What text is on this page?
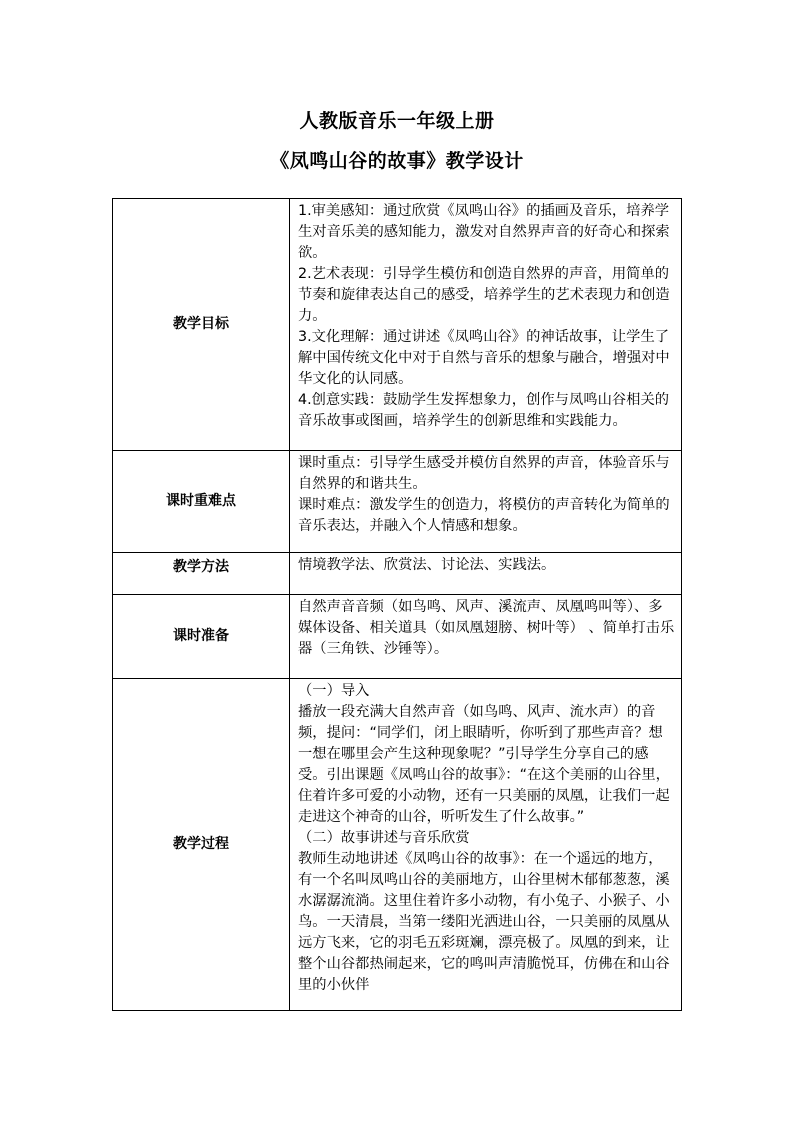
人教版音乐一年级上册
《凤鸣山谷的故事》教学设计
教学目标	1.审美感知：通过欣赏《凤鸣山谷》的插画及音乐，培养学生对音乐美的感知能力，激发对自然界声音的好奇心和探索欲。

2.艺术表现：引导学生模仿和创造自然界的声音，用简单的节奏和旋律表达自己的感受，培养学生的艺术表现力和创造力。

3.文化理解：通过讲述《凤鸣山谷》的神话故事，让学生了解中国传统文化中对于自然与音乐的想象与融合，增强对中华文化的认同感。

4.创意实践：鼓励学生发挥想象力，创作与凤鸣山谷相关的音乐故事或图画，培养学生的创新思维和实践能力。

课时重难点	课时重点：引导学生感受并模仿自然界的声音，体验音乐与自然界的和谐共生。

课时难点：激发学生的创造力，将模仿的声音转化为简单的音乐表达，并融入个人情感和想象。

教学方法	情境教学法、欣赏法、讨论法、实践法。

课时准备	自然声音音频（如鸟鸣、风声、溪流声、凤凰鸣叫等）、多媒体设备、相关道具（如凤凰翅膀、树叶等） 、简单打击乐器（三角铁、沙锤等）。

教学过程	（一）导入

播放一段充满大自然声音（如鸟鸣、风声、流水声）的音频，提问：“同学们，闭上眼睛听，你听到了那些声音？想一想在哪里会产生这种现象呢？”引导学生分享自己的感受。引出课题《凤鸣山谷的故事》：“在这个美丽的山谷里，住着许多可爱的小动物，还有一只美丽的凤凰，让我们一起走进这个神奇的山谷，听听发生了什么故事。”

（二）故事讲述与音乐欣赏

教师生动地讲述《凤鸣山谷的故事》：在一个遥远的地方，有一个名叫凤鸣山谷的美丽地方，山谷里树木郁郁葱葱，溪水潺潺流淌。这里住着许多小动物，有小兔子、小猴子、小鸟。一天清晨，当第一缕阳光洒进山谷，一只美丽的凤凰从远方飞来，它的羽毛五彩斑斓，漂亮极了。凤凰的到来，让整个山谷都热闹起来，它的鸣叫声清脆悦耳，仿佛在和山谷里的小伙伴
